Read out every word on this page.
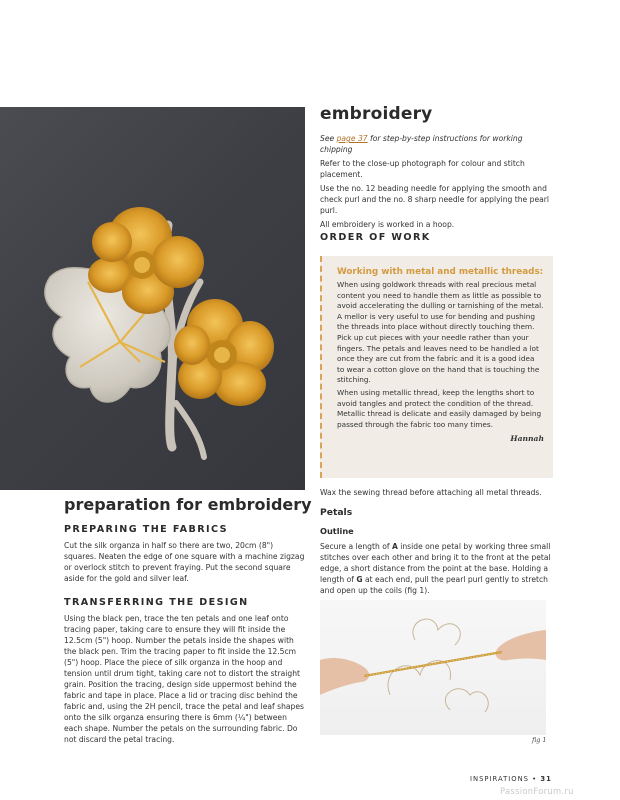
embroidery
See page 37 for step-by-step instructions for working chipping
Refer to the close-up photograph for colour and stitch placement.
Use the no. 12 beading needle for applying the smooth and check purl and the no. 8 sharp needle for applying the pearl purl.
All embroidery is worked in a hoop.
ORDER OF WORK
Working with metal and metallic threads:
When using goldwork threads with real precious metal content you need to handle them as little as possible to avoid accelerating the dulling or tarnishing of the metal. A mellor is very useful to use for bending and pushing the threads into place without directly touching them. Pick up cut pieces with your needle rather than your fingers. The petals and leaves need to be handled a lot once they are cut from the fabric and it is a good idea to wear a cotton glove on the hand that is touching the stitching.
When using metallic thread, keep the lengths short to avoid tangles and protect the condition of the thread. Metallic thread is delicate and easily damaged by being passed through the fabric too many times.
Hannah
Wax the sewing thread before attaching all metal threads.
Petals
Outline
Secure a length of A inside one petal by working three small stitches over each other and bring it to the front at the petal edge, a short distance from the point at the base. Holding a length of G at each end, pull the pearl purl gently to stretch and open up the coils (fig 1).
fig 1
preparation for embroidery
PREPARING THE FABRICS
Cut the silk organza in half so there are two, 20cm (8") squares. Neaten the edge of one square with a machine zigzag or overlock stitch to prevent fraying. Put the second square aside for the gold and silver leaf.
TRANSFERRING THE DESIGN
Using the black pen, trace the ten petals and one leaf onto tracing paper, taking care to ensure they will fit inside the 12.5cm (5") hoop. Number the petals inside the shapes with the black pen. Trim the tracing paper to fit inside the 12.5cm (5") hoop. Place the piece of silk organza in the hoop and tension until drum tight, taking care not to distort the straight grain. Position the tracing, design side uppermost behind the fabric and tape in place. Place a lid or tracing disc behind the fabric and, using the 2H pencil, trace the petal and leaf shapes onto the silk organza ensuring there is 6mm (¼") between each shape. Number the petals on the surrounding fabric. Do not discard the petal tracing.
INSPIRATIONS • 31
PassionForum.ru
